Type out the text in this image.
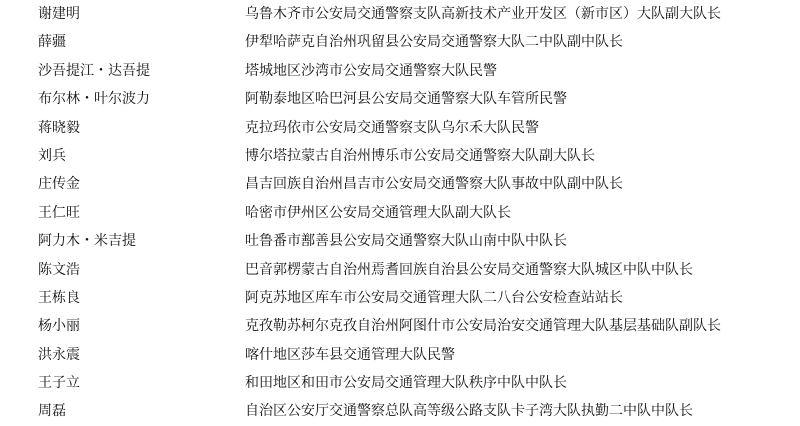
谢建明	乌鲁木齐市公安局交通警察支队高新技术产业开发区（新市区）大队副大队长
薛疆	伊犁哈萨克自治州巩留县公安局交通警察大队二中队副中队长
沙吾提江・达吾提	塔城地区沙湾市公安局交通警察大队民警
布尔林・叶尔波力	阿勒泰地区哈巴河县公安局交通警察大队车管所民警
蒋晓毅	克拉玛依市公安局交通警察支队乌尔禾大队民警
刘兵	博尔塔拉蒙古自治州博乐市公安局交通警察大队副大队长
庄传金	昌吉回族自治州昌吉市公安局交通警察大队事故中队副中队长
王仁旺	哈密市伊州区公安局交通管理大队副大队长
阿力木・米吉提	吐鲁番市鄯善县公安局交通警察大队山南中队中队长
陈文浩	巴音郭楞蒙古自治州焉耆回族自治县公安局交通警察大队城区中队中队长
王栋良	阿克苏地区库车市公安局交通管理大队二八台公安检查站站长
杨小丽	克孜勒苏柯尔克孜自治州阿图什市公安局治安交通管理大队基层基础队副队长
洪永震	喀什地区莎车县交通管理大队民警
王子立	和田地区和田市公安局交通管理大队秩序中队中队长
周磊	自治区公安厅交通警察总队高等级公路支队卡子湾大队执勤二中队中队长
